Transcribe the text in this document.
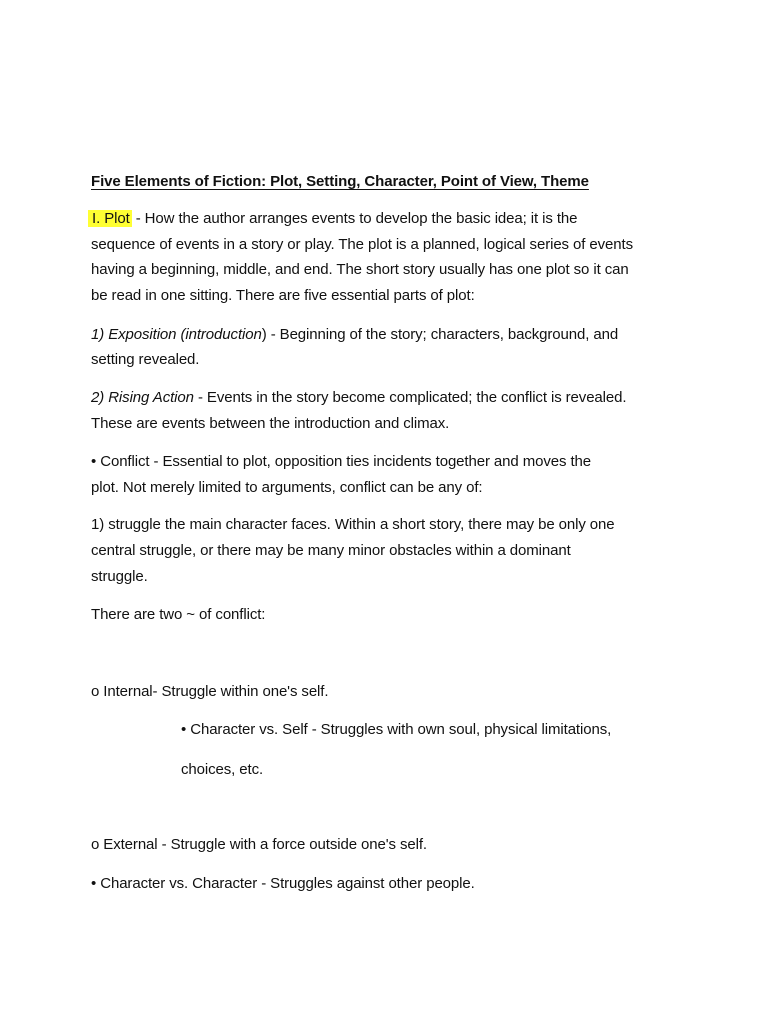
Five Elements of Fiction: Plot, Setting, Character, Point of View, Theme
I. Plot - How the author arranges events to develop the basic idea; it is the
sequence of events in a story or play. The plot is a planned, logical series of events
having a beginning, middle, and end. The short story usually has one plot so it can
be read in one sitting. There are five essential parts of plot:
1) Exposition (introduction) - Beginning of the story; characters, background, and
setting revealed.
2) Rising Action - Events in the story become complicated; the conflict is revealed.
These are events between the introduction and climax.
• Conflict - Essential to plot, opposition ties incidents together and moves the
plot. Not merely limited to arguments, conflict can be any of:
1) struggle the main character faces. Within a short story, there may be only one
central struggle, or there may be many minor obstacles within a dominant
struggle.
There are two ~ of conflict:
o Internal- Struggle within one's self.
• Character vs. Self - Struggles with own soul, physical limitations,
choices, etc.
o External - Struggle with a force outside one's self.
• Character vs. Character - Struggles against other people.
